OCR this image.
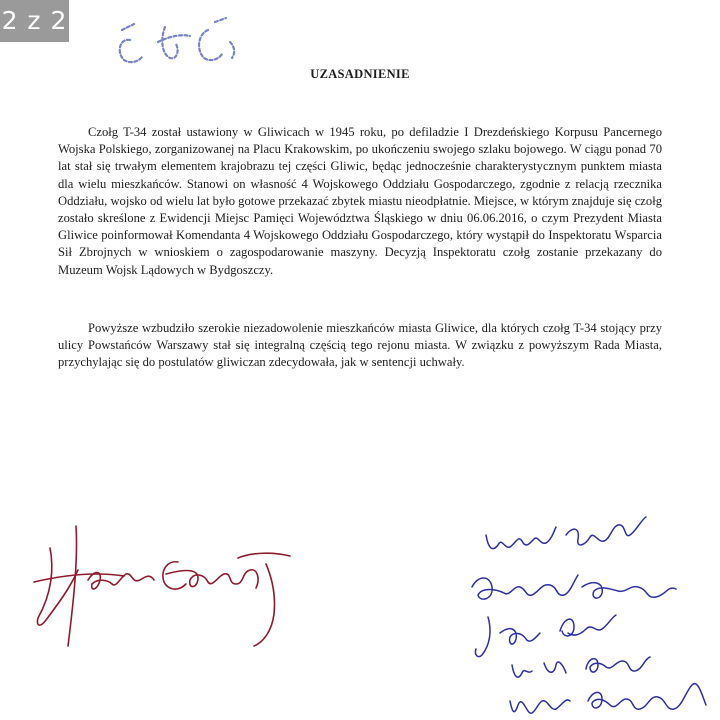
2 z 2
UZASADNIENIE

Czołg T-34 został ustawiony w Gliwicach w 1945 roku, po defiladzie I Drezdeńskiego Korpusu Pancernego Wojska Polskiego, zorganizowanej na Placu Krakowskim, po ukończeniu swojego szlaku bojowego. W ciągu ponad 70 lat stał się trwałym elementem krajobrazu tej części Gliwic, będąc jednocześnie charakterystycznym punktem miasta dla wielu mieszkańców. Stanowi on własność 4 Wojskowego Oddziału Gospodarczego, zgodnie z relacją rzecznika Oddziału, wojsko od wielu lat było gotowe przekazać zbytek miastu nieodpłatnie. Miejsce, w którym znajduje się czołg zostało skreślone z Ewidencji Miejsc Pamięci Województwa Śląskiego w dniu 06.06.2016, o czym Prezydent Miasta Gliwice poinformował Komendanta 4 Wojskowego Oddziału Gospodarczego, który wystąpił do Inspektoratu Wsparcia Sił Zbrojnych w wnioskiem o zagospodarowanie maszyny. Decyzją Inspektoratu czołg zostanie przekazany do Muzeum Wojsk Lądowych w Bydgoszczy.

Powyższe wzbudziło szerokie niezadowolenie mieszkańców miasta Gliwice, dla których czołg T-34 stojący przy ulicy Powstańców Warszawy stał się integralną częścią tego rejonu miasta. W związku z powyższym Rada Miasta, przychylając się do postulatów gliwiczan zdecydowała, jak w sentencji uchwały.
